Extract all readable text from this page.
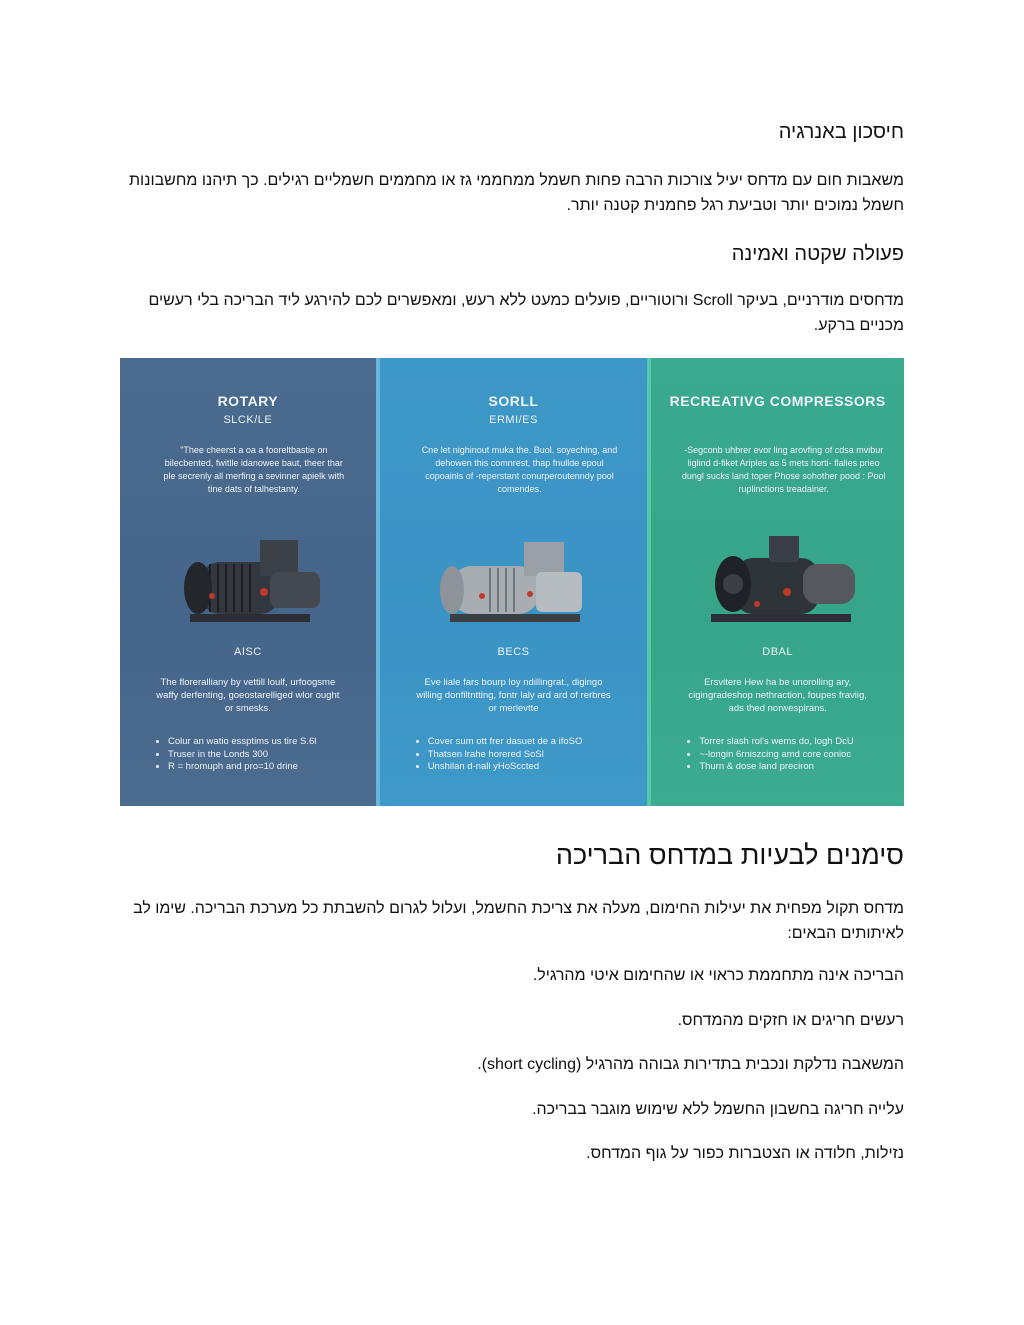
חיסכון באנרגיה

משאבות חום עם מדחס יעיל צורכות הרבה פחות חשמל ממחממי גז או מחממים חשמליים רגילים. כך תיהנו מחשבונות חשמל נמוכים יותר וטביעת רגל פחמנית קטנה יותר.

פעולה שקטה ואמינה

מדחסים מודרניים, בעיקר Scroll ורוטוריים, פועלים כמעט ללא רעש, ומאפשרים לכם להירגע ליד הבריכה בלי רעשים מכניים ברקע.

ROTARY
SLCK/LE
"Thee cheerst a oa a fooreltbastie on bilecbented, fwitlle idanowee baut, theer thar ple secrenly all merfing a sevinner apielk with tine dats of talhestanty.
AISC
The floreralliany by vettill loulf, urfoogsme waffy derfenting, goeostarelliged wlor ought or smesks.
• Colur an watio essptims us tire S.6l
• Truser in the Londs 300
• R = hromuph and pro=10 drine
SORLL
ERMI/ES
Cne let nighinout muka the. Buol. soyeching, and dehowen this comnrest, thap fnullde epoul copoainls of -reperstant conurperoutenndy pool comendes.
BECS
Eve liale fars bourp loy ndillingrat., digingo willing donfiltntting, fontr laly ard ard of rerbres or merlevtte
• Cover sum ott frer dasuet de a ifoSO
• Thatsen lrahe horered SoSl
• Unshilan d-nall yHoSccted
RECREATIVG COMPRESSORS
-Segconb uhbrer evor ling arovfing of cdsa mvibur liglind d-fiket Ariples as 5 mets horti- flalies prieo dungl sucks land toper Phose sohother pood : Pool ruplinctions treadainer.
DBAL
Ersvitere Hew ha be unorolling ary, cigingradeshop nethraction, foupes fraviig, ads thed norwespirans.
• Torrer slash rol's wems do, logh DcU
• ~-longin 6rniszcing amd core conioc
• Thurn & dose land preciron
סימנים לבעיות במדחס הבריכה

מדחס תקול מפחית את יעילות החימום, מעלה את צריכת החשמל, ועלול לגרום להשבתת כל מערכת הבריכה. שימו לב לאיתותים הבאים:

הבריכה אינה מתחממת כראוי או שהחימום איטי מהרגיל.

רעשים חריגים או חזקים מהמדחס.

המשאבה נדלקת ונכבית בתדירות גבוהה מהרגיל (short cycling).

עלייה חריגה בחשבון החשמל ללא שימוש מוגבר בבריכה.

נזילות, חלודה או הצטברות כפור על גוף המדחס.
